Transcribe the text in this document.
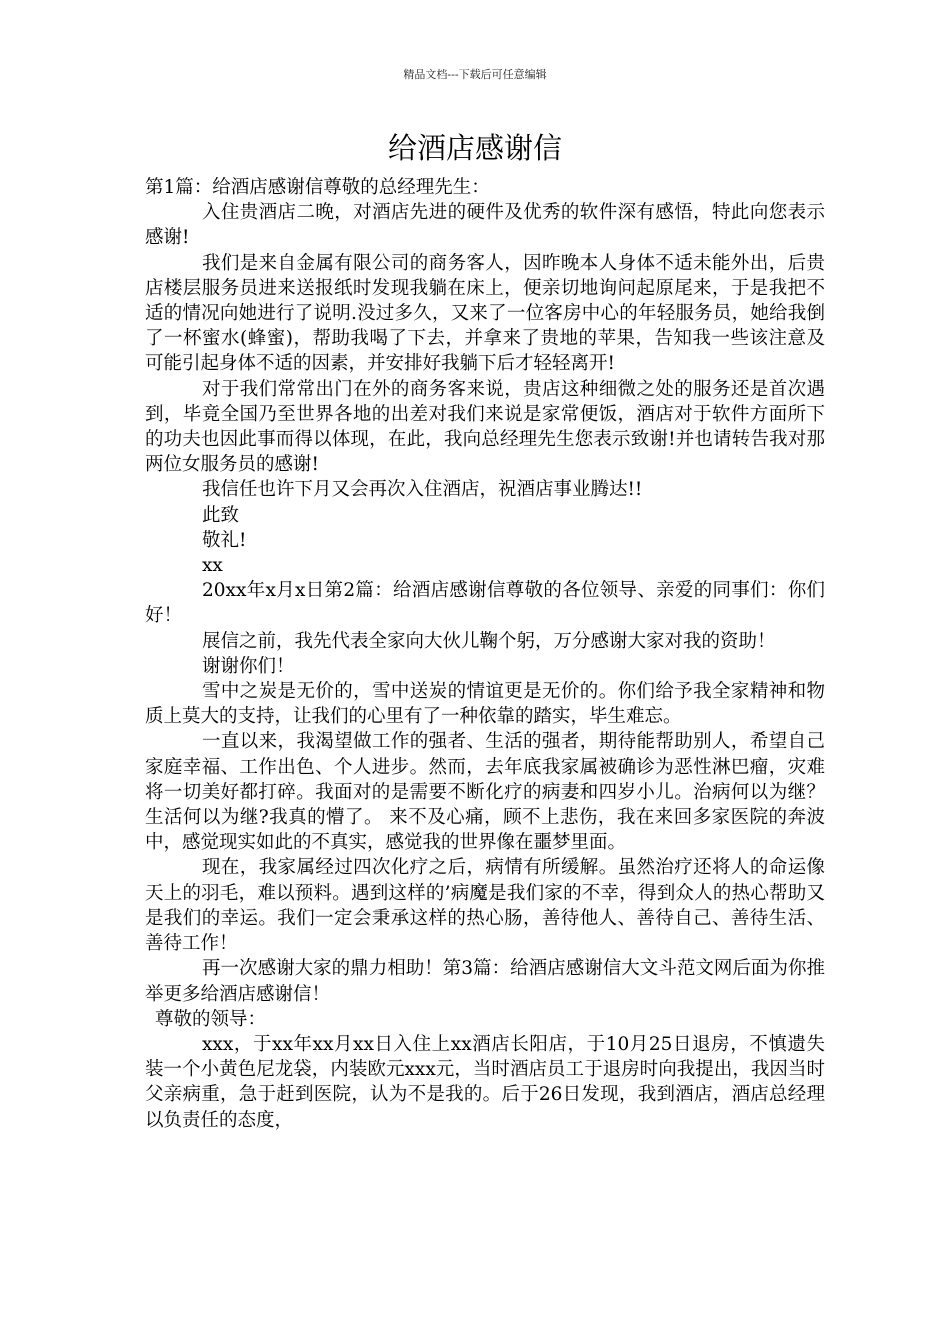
精品文档---下载后可任意编辑
给酒店感谢信

第1篇：给酒店感谢信尊敬的总经理先生：

入住贵酒店二晚，对酒店先进的硬件及优秀的软件深有感悟，特此向您表示感谢!

我们是来自金属有限公司的商务客人，因昨晚本人身体不适未能外出，后贵店楼层服务员进来送报纸时发现我躺在床上，便亲切地询问起原尾来，于是我把不适的情况向她进行了说明.没过多久，又来了一位客房中心的年轻服务员，她给我倒了一杯蜜水(蜂蜜)，帮助我喝了下去，并拿来了贵地的苹果，告知我一些该注意及可能引起身体不适的因素，并安排好我躺下后才轻轻离开!

对于我们常常出门在外的商务客来说，贵店这种细微之处的服务还是首次遇到，毕竟全国乃至世界各地的出差对我们来说是家常便饭，酒店对于软件方面所下的功夫也因此事而得以体现，在此，我向总经理先生您表示致谢!并也请转告我对那两位女服务员的感谢!

我信任也许下月又会再次入住酒店，祝酒店事业腾达!!

此致

敬礼!

xx

20xx年x月x日第2篇：给酒店感谢信尊敬的各位领导、亲爱的同事们：你们好！

展信之前，我先代表全家向大伙儿鞠个躬，万分感谢大家对我的资助！

谢谢你们！

雪中之炭是无价的，雪中送炭的情谊更是无价的。你们给予我全家精神和物质上莫大的支持，让我们的心里有了一种依靠的踏实，毕生难忘。

一直以来，我渴望做工作的强者、生活的强者，期待能帮助别人，希望自己家庭幸福、工作出色、个人进步。然而，去年底我家属被确诊为恶性淋巴瘤，灾难将一切美好都打碎。我面对的是需要不断化疗的病妻和四岁小儿。治病何以为继？生活何以为继?我真的懵了。 来不及心痛，顾不上悲伤，我在来回多家医院的奔波中，感觉现实如此的不真实，感觉我的世界像在噩梦里面。

现在，我家属经过四次化疗之后，病情有所缓解。虽然治疗还将人的命运像天上的羽毛，难以预料。遇到这样的’病魔是我们家的不幸，得到众人的热心帮助又是我们的幸运。我们一定会秉承这样的热心肠，善待他人、善待自己、善待生活、善待工作！

再一次感谢大家的鼎力相助！第3篇：给酒店感谢信大文斗范文网后面为你推举更多给酒店感谢信！

尊敬的领导：

xxx，于xx年xx月xx日入住上xx酒店长阳店，于10月25日退房，不慎遗失装一个小黄色尼龙袋，内装欧元xxx元，当时酒店员工于退房时向我提出，我因当时父亲病重，急于赶到医院，认为不是我的。后于26日发现，我到酒店，酒店总经理以负责任的态度，
